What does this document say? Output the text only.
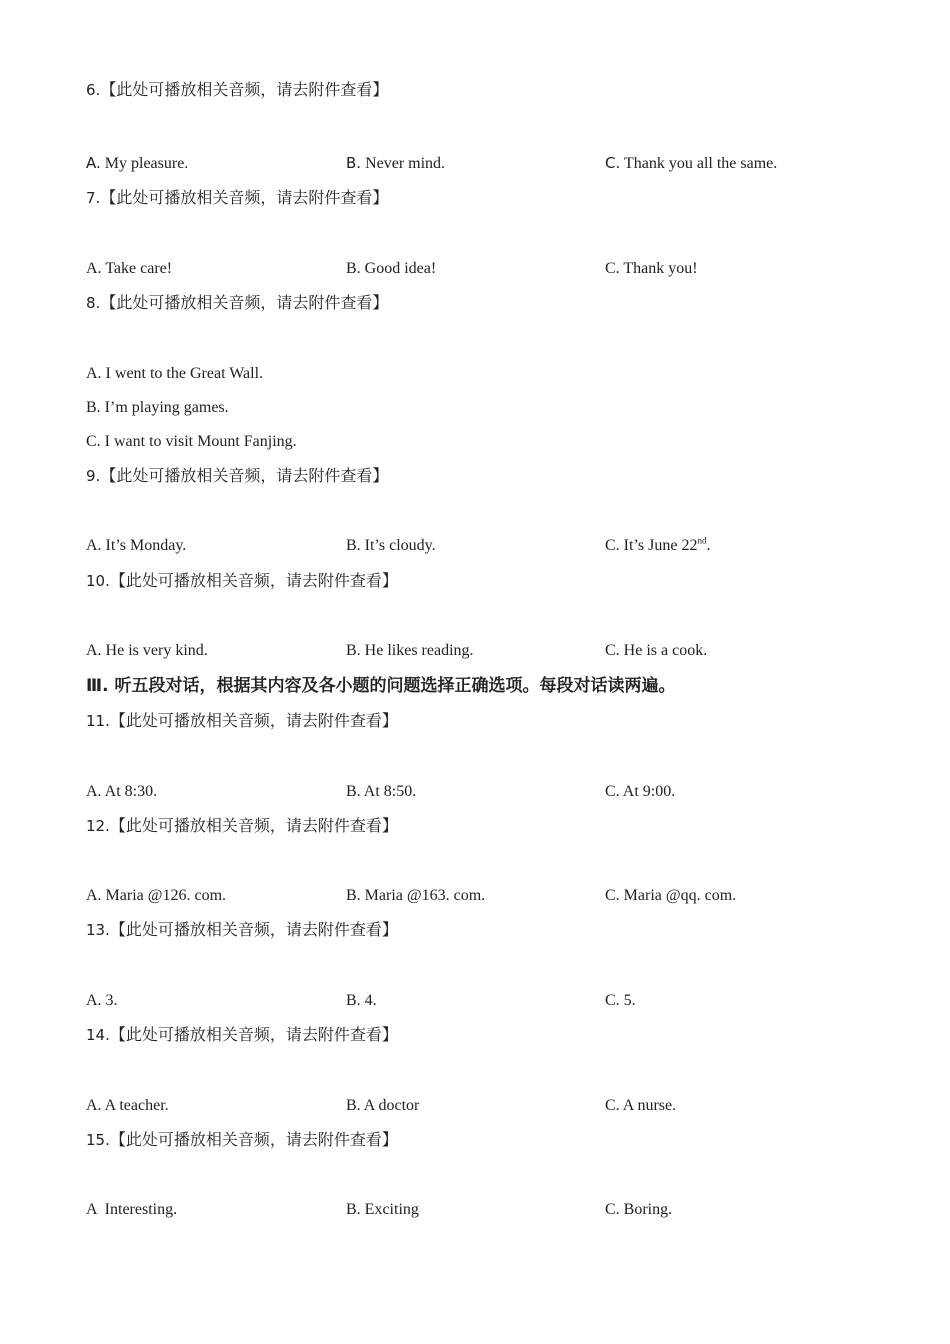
6.【此处可播放相关音频，请去附件查看】
A. My pleasure.	B. Never mind.	C. Thank you all the same.
7.【此处可播放相关音频，请去附件查看】
A. Take care!	B. Good idea!	C. Thank you!
8.【此处可播放相关音频，请去附件查看】
A. I went to the Great Wall.
B. I’m playing games.
C. I want to visit Mount Fanjing.
9.【此处可播放相关音频，请去附件查看】
A. It’s Monday.	B. It’s cloudy.	C. It’s June 22nd.
10.【此处可播放相关音频，请去附件查看】
A. He is very kind.	B. He likes reading.	C. He is a cook.
Ⅲ. 听五段对话，根据其内容及各小题的问题选择正确选项。每段对话读两遍。
11.【此处可播放相关音频，请去附件查看】
A. At 8:30.	B. At 8:50.	C. At 9:00.
12.【此处可播放相关音频，请去附件查看】
A. Maria @126. com.	B. Maria @163. com.	C. Maria @qq. com.
13.【此处可播放相关音频，请去附件查看】
A. 3.	B. 4.	C. 5.
14.【此处可播放相关音频，请去附件查看】
A. A teacher.	B. A doctor	C. A nurse.
15.【此处可播放相关音频，请去附件查看】
A  Interesting.	B. Exciting	C. Boring.
